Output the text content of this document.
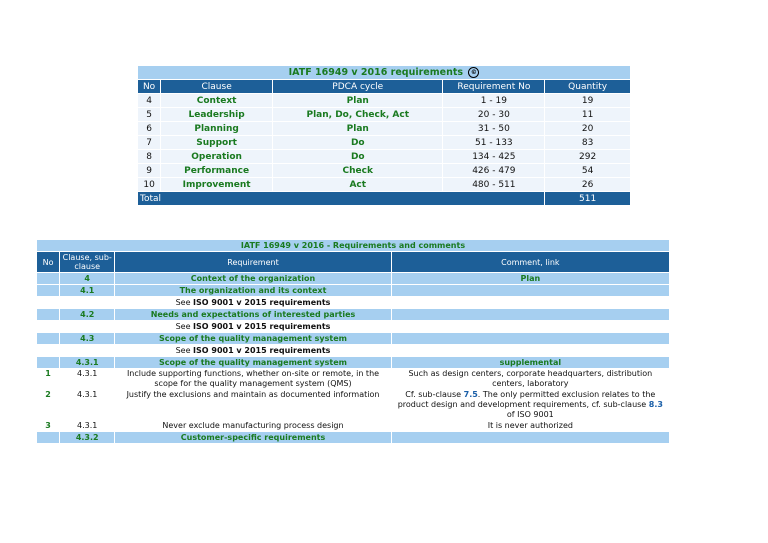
IATF 16949 v 2016 requirements ©				
No	Clause	PDCA cycle	Requirement No	Quantity
4	Context	Plan	1 - 19	19
5	Leadership	Plan, Do, Check, Act	20 - 30	11
6	Planning	Plan	31 - 50	20
7	Support	Do	51 - 133	83
8	Operation	Do	134 - 425	292
9	Performance	Check	426 - 479	54
10	Improvement	Act	480 - 511	26
Total				511
IATF 16949 v 2016 - Requirements and comments			
No	Clause, sub-clause	Requirement	Comment, link
	4	Context of the organization	Plan
	4.1	The organization and its context	
		See ISO 9001 v 2015 requirements	
	4.2	Needs and expectations of interested parties	
		See ISO 9001 v 2015 requirements	
	4.3	Scope of the quality management system	
		See ISO 9001 v 2015 requirements	
	4.3.1	Scope of the quality management system	supplemental
1	4.3.1	Include supporting functions, whether on-site or remote, in the scope for the quality management system (QMS)	Such as design centers, corporate headquarters, distribution centers, laboratory
2	4.3.1	Justify the exclusions and maintain as documented information	Cf. sub-clause 7.5. The only permitted exclusion relates to the product design and development requirements, cf. sub-clause 8.3 of ISO 9001
3	4.3.1	Never exclude manufacturing process design	It is never authorized
	4.3.2	Customer-specific requirements	
